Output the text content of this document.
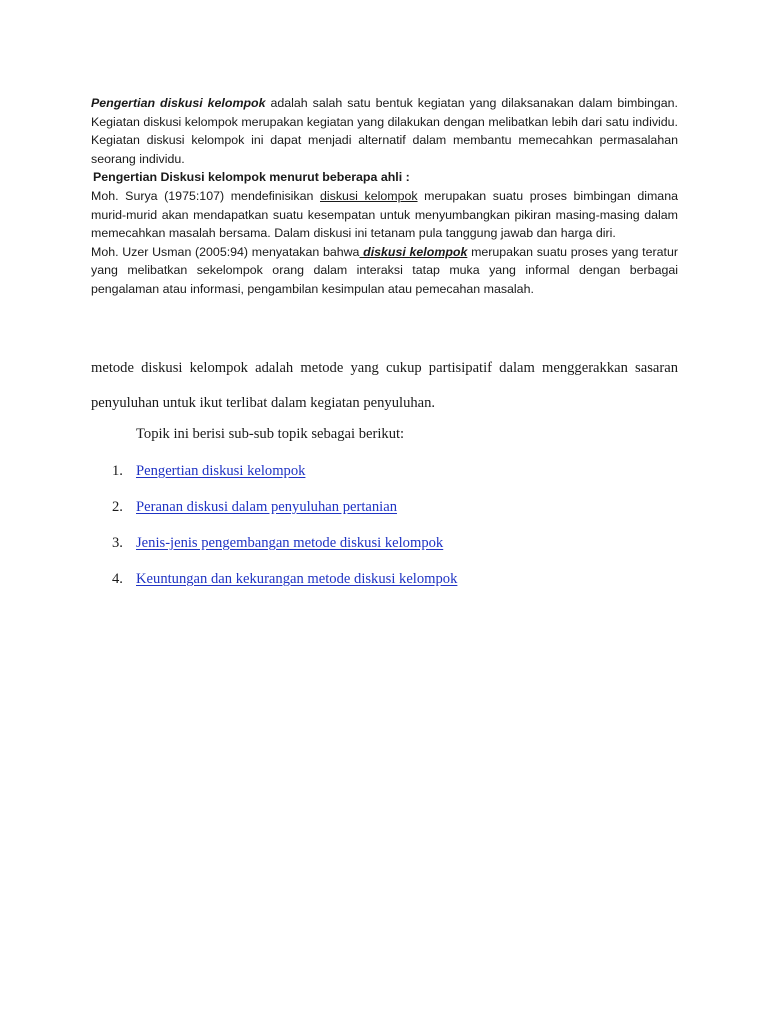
Pengertian diskusi kelompok adalah salah satu bentuk kegiatan yang dilaksanakan dalam bimbingan. Kegiatan diskusi kelompok merupakan kegiatan yang dilakukan dengan melibatkan lebih dari satu individu. Kegiatan diskusi kelompok ini dapat menjadi alternatif dalam membantu memecahkan permasalahan seorang individu.

Pengertian Diskusi kelompok menurut beberapa ahli :

Moh. Surya (1975:107) mendefinisikan diskusi kelompok merupakan suatu proses bimbingan dimana murid-murid akan mendapatkan suatu kesempatan untuk menyumbangkan pikiran masing-masing dalam memecahkan masalah bersama. Dalam diskusi ini tetanam pula tanggung jawab dan harga diri.

Moh. Uzer Usman (2005:94) menyatakan bahwa diskusi kelompok merupakan suatu proses yang teratur yang melibatkan sekelompok orang dalam interaksi tatap muka yang informal dengan berbagai pengalaman atau informasi, pengambilan kesimpulan atau pemecahan masalah.

metode diskusi kelompok adalah metode yang cukup partisipatif dalam menggerakkan sasaran penyuluhan untuk ikut terlibat dalam kegiatan penyuluhan.

Topik ini berisi sub-sub topik sebagai berikut:

1. Pengertian diskusi kelompok
2. Peranan diskusi dalam penyuluhan pertanian
3. Jenis-jenis pengembangan metode diskusi kelompok
4. Keuntungan dan kekurangan metode diskusi kelompok
